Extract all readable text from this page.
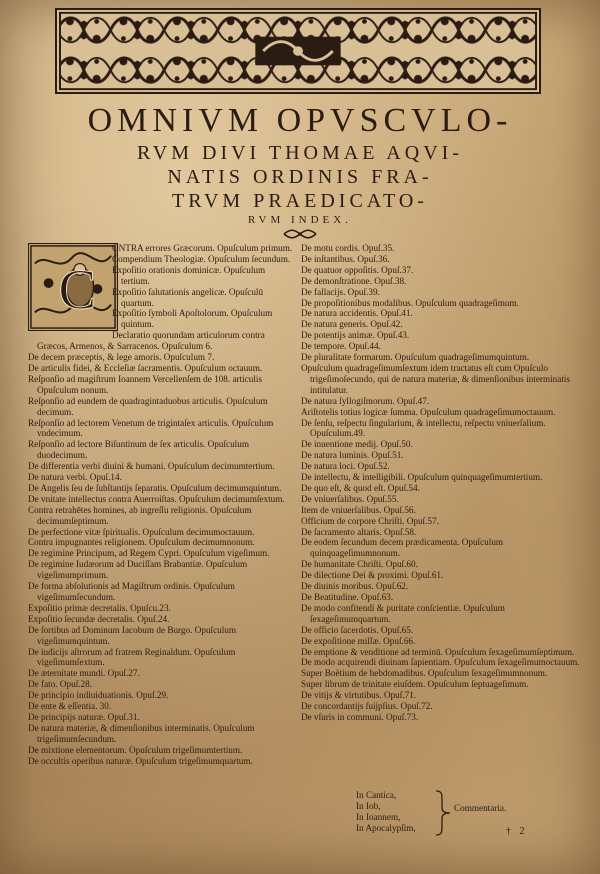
OMNIVM OPVSCVLO-
RVM DIVI THOMAE AQVI-
NATIS ORDINIS FRA-
TRVM PRAEDICATO-
RVM INDEX.
C

ONTRA errores Græcorum. Opuſculum primum.

Compendium Theologiæ. Opuſculum ſecundum.

Expoſitio orationis dominicæ. Opuſculum tertium.

Expoſitio ſalutationis angelicæ. Opuſculū quartum.

Expoſitio ſymboli Apoſtolorum. Opuſculum quintum.

Declaratio quorundam articulorum contra Græcos, Armenos, & Sarracenos. Opuſculum 6.

De decem præceptis, & lege amoris. Opuſculum 7.

De articulis fidei, & Eccleſiæ ſacramentis. Opuſculum octauum.

Reſponſio ad magiſtrum Ioannem Vercellenſem de 108. articulis Opuſculum nonum.

Reſponſio ad eundem de quadragintaduobus articulis. Opuſculum decimum.

Reſponſio ad lectorem Venetum de trigintaſex articulis. Opuſculum vndecimum.

Reſponſio ad lectore Biſuntinum de ſex articulis. Opuſculum duodecimum.

De differentia verbi diuini & humani. Opuſculum decimumtertium.

De natura verbi. Opuſ.14.

De Angelis ſeu de ſubſtantijs ſeparatis. Opuſculum decimumquintum.

De vnitate intellectus contra Auerroiſtas. Opuſculum decimumſextum.

Contra retrahētes homines, ab ingreſſu religionis. Opuſculum decimumſeptimum.

De perfectione vitæ ſpiritualis. Opuſculum decimumoctauum.

Contra impugnantes religionem. Opuſculum decimumnonum.

De regimine Principum, ad Regem Cypri. Opuſculum vigeſimum.

De regimine Iudæorum ad Duciſſam Brabantiæ. Opuſculum vigeſimumprimum.

De forma abſolutionis ad Magiſtrum ordinis. Opuſculum vigeſimumſecundum.

Expoſitio primæ decretalis. Opuſcu.23.

Expoſitio ſecundæ decretalis. Opuſ.24.

De ſortibus ad Dominum Iacobum de Burgo. Opuſculum vigeſimumquintum.

De iudicijs aſtrorum ad fratrem Reginaldum. Opuſculum vigeſimumſextum.

De æternitate mundi. Opuſ.27.

De fato. Opuſ.28.

De principio indiuiduationis. Opuſ.29.

De ente & eſſentia. 30.

De principijs naturæ. Opuſ.31.

De natura materiæ, & dimenſionibus interminatis. Opuſculum trigeſimumſecundum.

De mixtione elementorum. Opuſculum trigeſimumtertium.

De occultis operibus naturæ. Opuſculum trigeſimumquartum.

De motu cordis. Opuſ.35.

De inſtantibus. Opuſ.36.

De quatuor oppoſitis. Opuſ.37.

De demonſtratione. Opuſ.38.

De fallacijs. Opuſ.39.

De propoſitionibus modalibus. Opuſculum quadrageſimum.

De natura accidentis. Opuſ.41.

De natura generis. Opuſ.42.

De potentijs animæ. Opuſ.43.

De tempore. Opuſ.44.

De pluralitate formarum. Opuſculum quadrageſimumquintum.

Opuſculum quadrageſimumſextum idem tractatus eſt cum Opuſculo trigeſimoſecundo, qui de natura materiæ, & dimenſionibus interminatis intitulatur.

De natura ſyllogiſmorum. Opuſ.47.

Ariſtotelis totius logicæ ſumma. Opuſculum quadrageſimumoctauum.

De ſenſu, reſpectu ſingularium, & intellectu, reſpectu vniuerſalium. Opuſculum.49.

De inuentione medij. Opuſ.50.

De natura luminis. Opuſ.51.

De natura loci. Opuſ.52.

De intellectu, & intelligibili. Opuſculum quinquageſimumtertium.

De quo eſt, & quod eſt. Opuſ.54.

De vniuerſalibus. Opuſ.55.

Item de vniuerſalibus. Opuſ.56.

Officium de corpore Chriſti. Opuſ.57.

De ſacramento altaris. Opuſ.58.

De eodem ſecundum decem prædicamenta. Opuſculum quinquageſimumnonum.

De humanitate Chriſti. Opuſ.60.

De dilectione Dei & proximi. Opuſ.61.

De diuinis moribus. Opuſ.62.

De Beatitudine. Opuſ.63.

De modo confitendi & puritate conſcientiæ. Opuſculum ſexageſimumquartum.

De officio ſacerdotis. Opuſ.65.

De expoſitione miſſæ. Opuſ.66.

De emptione & venditione ad terminū. Opuſculum ſexageſimumſeptimum.

De modo acquirendi diuinam ſapientiam. Opuſculum ſexageſimumoctauum.

Super Boëtium de hebdomadibus. Opuſculum ſexageſimumnonum.

Super librum de trinitate eiuſdem. Opuſculum ſeptuageſimum.

De vitijs & virtutibus. Opuſ.71.

De concordantijs ſuijpſius. Opuſ.72.

De vſuris in communi. Opuſ.73.

In Cantica,
In Iob,
In Ioannem,
In Apocalypſim,
Commentaria.
† 2
